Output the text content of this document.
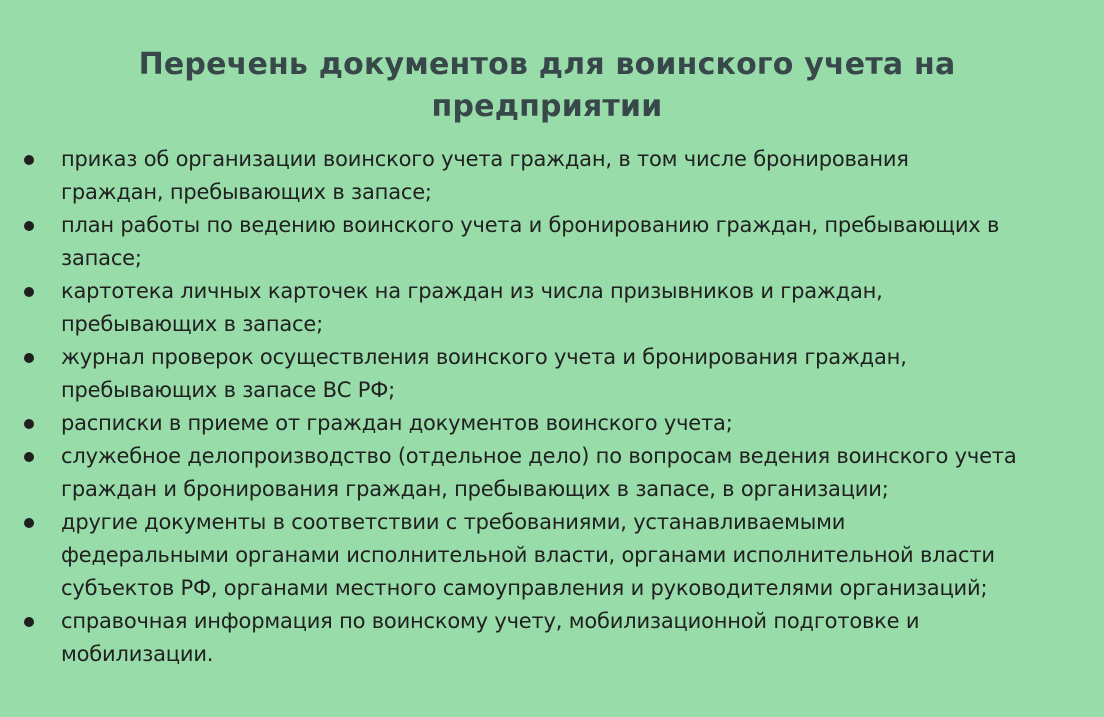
Перечень документов для воинского учета на
предприятии
приказ об организации воинского учета граждан, в том числе бронирования
граждан, пребывающих в запасе;
план работы по ведению воинского учета и бронированию граждан, пребывающих в
запасе;
картотека личных карточек на граждан из числа призывников и граждан,
пребывающих в запасе;
журнал проверок осуществления воинского учета и бронирования граждан,
пребывающих в запасе ВС РФ;
расписки в приеме от граждан документов воинского учета;
служебное делопроизводство (отдельное дело) по вопросам ведения воинского учета
граждан и бронирования граждан, пребывающих в запасе, в организации;
другие документы в соответствии с требованиями, устанавливаемыми
федеральными органами исполнительной власти, органами исполнительной власти
субъектов РФ, органами местного самоуправления и руководителями организаций;
справочная информация по воинскому учету, мобилизационной подготовке и
мобилизации.
